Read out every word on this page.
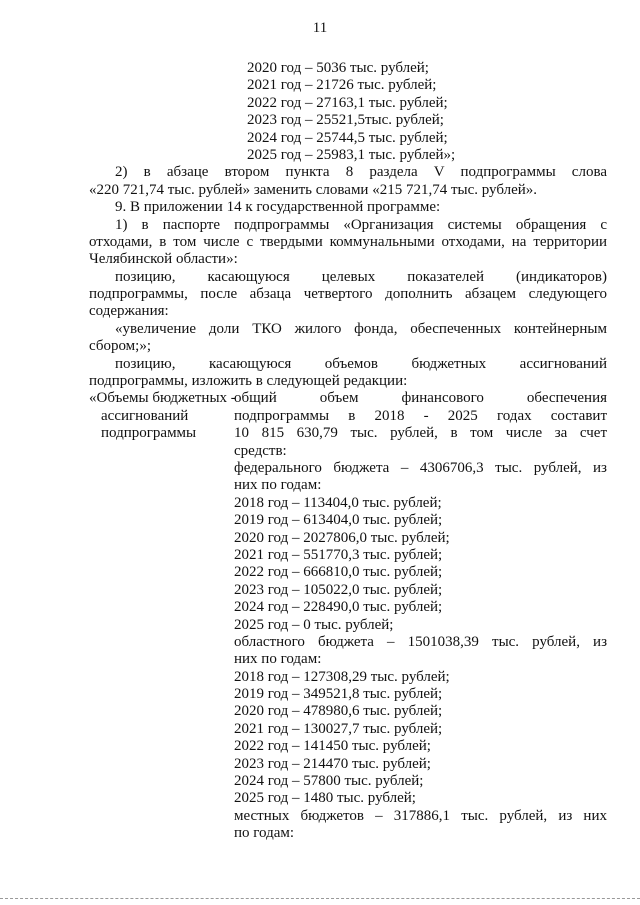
11
2020 год – 5036 тыс. рублей;
2021 год – 21726 тыс. рублей;
2022 год – 27163,1 тыс. рублей;
2023 год – 25521,5тыс. рублей;
2024 год – 25744,5 тыс. рублей;
2025 год – 25983,1 тыс. рублей»;
2) в абзаце втором пункта 8 раздела V подпрограммы слова
«220 721,74 тыс. рублей» заменить словами «215 721,74 тыс. рублей».
9. В приложении 14 к государственной программе:
1) в паспорте подпрограммы «Организация системы обращения с
отходами, в том числе с твердыми коммунальными отходами, на территории
Челябинской области»:
позицию, касающуюся целевых показателей (индикаторов)
подпрограммы, после абзаца четвертого дополнить абзацем следующего
содержания:
«увеличение доли ТКО жилого фонда, обеспеченных контейнерным
сбором;»;
позицию, касающуюся объемов бюджетных ассигнований
подпрограммы, изложить в следующей редакции:
«Объемы бюджетных -
ассигнований
подпрограммы
общий объем финансового обеспечения
подпрограммы в 2018 - 2025 годах составит
10 815 630,79 тыс. рублей, в том числе за счет
средств:
федерального бюджета – 4306706,3 тыс. рублей, из
них по годам:
2018 год – 113404,0 тыс. рублей;
2019 год – 613404,0 тыс. рублей;
2020 год – 2027806,0 тыс. рублей;
2021 год – 551770,3 тыс. рублей;
2022 год – 666810,0 тыс. рублей;
2023 год – 105022,0 тыс. рублей;
2024 год – 228490,0 тыс. рублей;
2025 год – 0 тыс. рублей;
областного бюджета – 1501038,39 тыс. рублей, из
них по годам:
2018 год – 127308,29 тыс. рублей;
2019 год – 349521,8 тыс. рублей;
2020 год – 478980,6 тыс. рублей;
2021 год – 130027,7 тыс. рублей;
2022 год – 141450 тыс. рублей;
2023 год – 214470 тыс. рублей;
2024 год – 57800 тыс. рублей;
2025 год – 1480 тыс. рублей;
местных бюджетов – 317886,1 тыс. рублей, из них
по годам:
